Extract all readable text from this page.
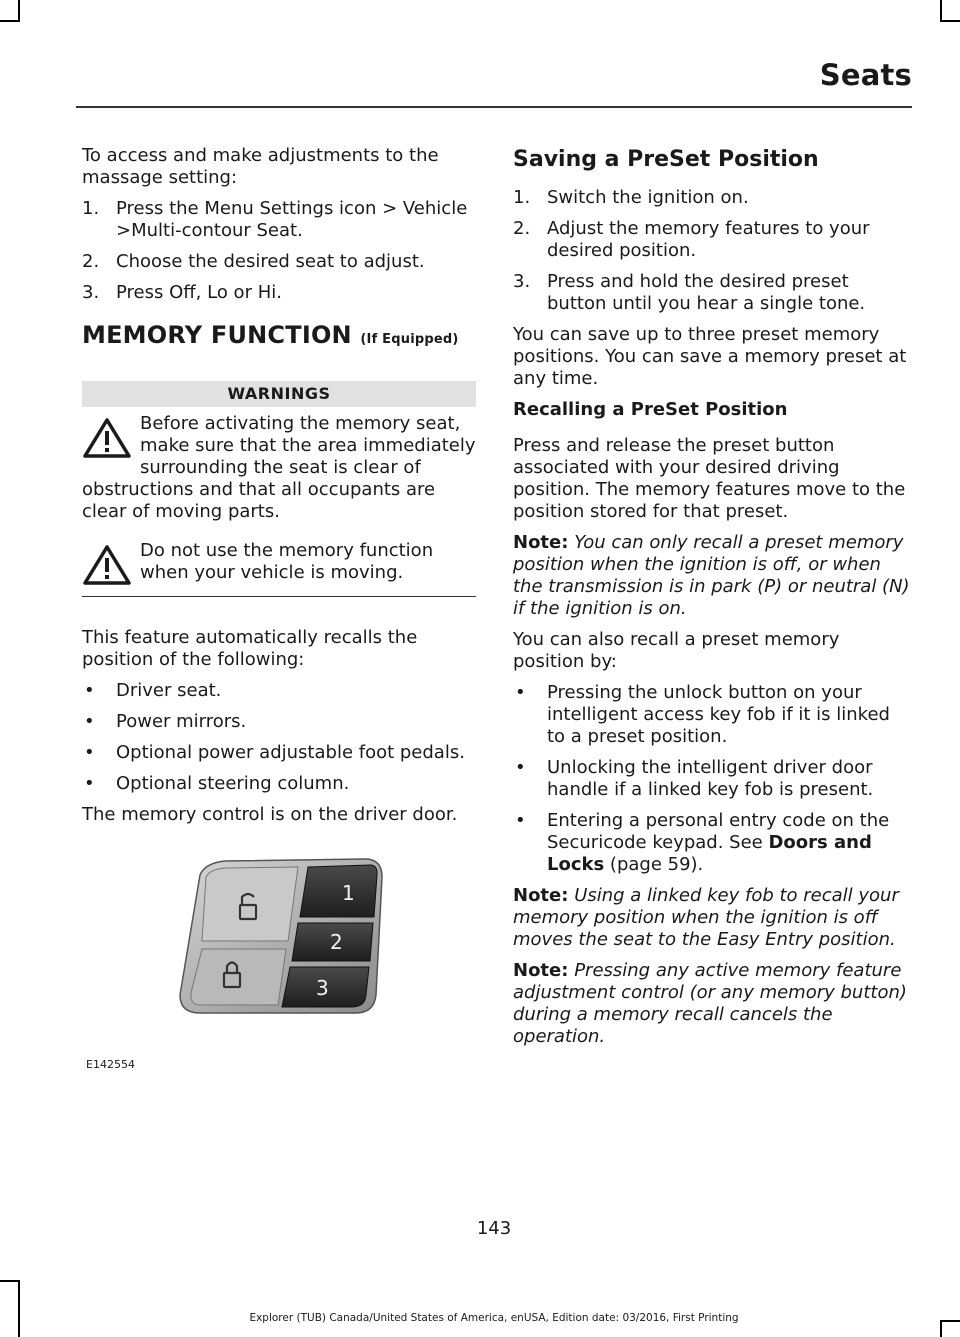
Seats

To access and make adjustments to the massage setting:

1. Press the Menu Settings icon > Vehicle >Multi-contour Seat.
2. Choose the desired seat to adjust.
3. Press Off, Lo or Hi.
MEMORY FUNCTION (If Equipped)
WARNINGS
Before activating the memory seat, make sure that the area immediately surrounding the seat is clear of obstructions and that all occupants are clear of moving parts.
Do not use the memory function when your vehicle is moving.

This feature automatically recalls the position of the following:

• Driver seat.
• Power mirrors.
• Optional power adjustable foot pedals.
• Optional steering column.

The memory control is on the driver door.

1
2
3
E142554
Saving a PreSet Position
1. Switch the ignition on.
2. Adjust the memory features to your desired position.
3. Press and hold the desired preset button until you hear a single tone.

You can save up to three preset memory positions. You can save a memory preset at any time.

Recalling a PreSet Position

Press and release the preset button associated with your desired driving position. The memory features move to the position stored for that preset.

Note: You can only recall a preset memory position when the ignition is off, or when the transmission is in park (P) or neutral (N) if the ignition is on.

You can also recall a preset memory position by:

• Pressing the unlock button on your intelligent access key fob if it is linked to a preset position.
• Unlocking the intelligent driver door handle if a linked key fob is present.
• Entering a personal entry code on the Securicode keypad. See Doors and Locks (page 59).

Note: Using a linked key fob to recall your memory position when the ignition is off moves the seat to the Easy Entry position.

Note: Pressing any active memory feature adjustment control (or any memory button) during a memory recall cancels the operation.

143
Explorer (TUB) Canada/United States of America, enUSA, Edition date: 03/2016, First Printing
